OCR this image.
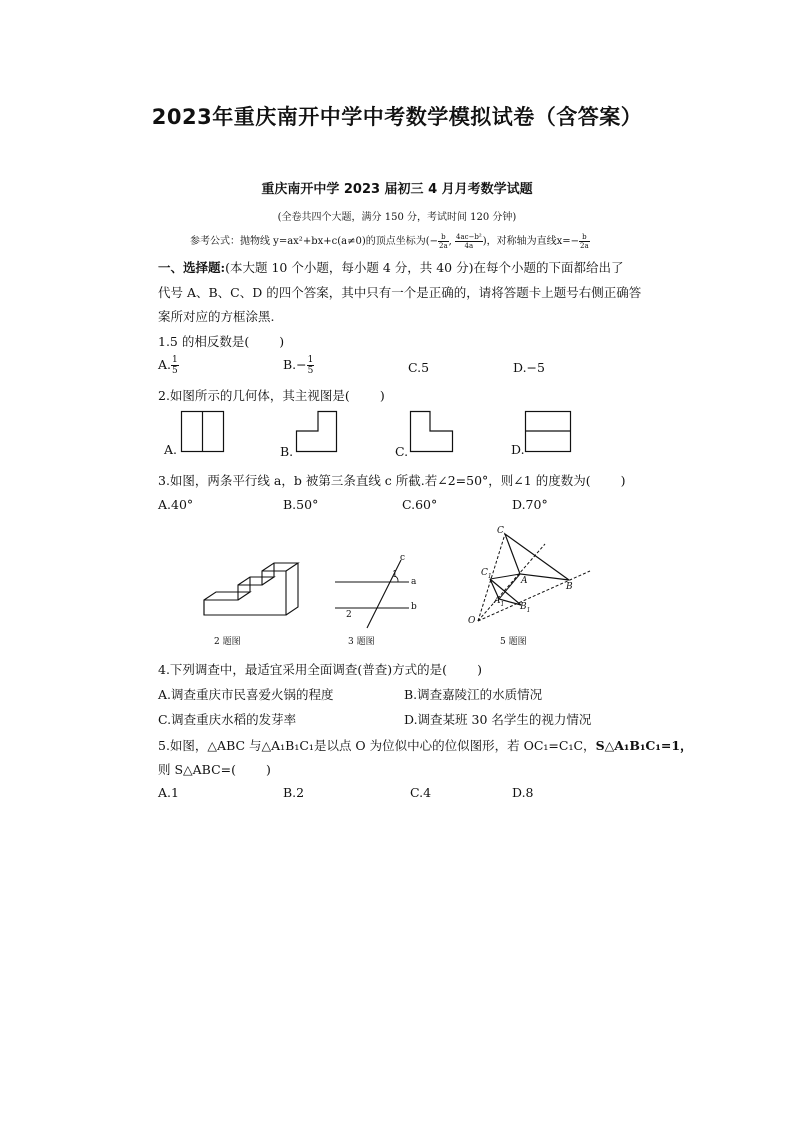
2023年重庆南开中学中考数学模拟试卷（含答案）
重庆南开中学 2023 届初三 4 月月考数学试题
(全卷共四个大题，满分 150 分，考试时间 120 分钟)
参考公式：抛物线 y=ax²+bx+c(a≠0)的顶点坐标为(− $\frac{b}{2a}$ , $\frac{\text{4ac−b²}}{4a}$ )，对称轴为直线$x=- \frac{b}{2a}$
一、选择题:(本大题 10 个小题，每小题 4 分，共 40 分)在每个小题的下面都给出了
代号 A、B、C、D 的四个答案，其中只有一个是正确的，请将答题卡上题号右侧正确答
案所对应的方框涂黑.
1.5 的相反数是( )
A. $\frac{1}{5}$	$B.- \frac{1}{5}$	C.5	D.−5
2.如图所示的几何体，其主视图是( )
A.	B.	C.	D.
3.如图，两条平行线 a，b 被第三条直线 c 所截.若∠2=50°，则∠1 的度数为( )
A.40°	B.50°	C.60°	D.70°
2 题图
c
1
a
2
b
3 题图
C
$C_1$	A
B
$A_1$ $B_1$
O
5 题图
4.下列调查中，最适宜采用全面调查(普查)方式的是( )
A.调查重庆市民喜爱火锅的程度	B.调查嘉陵江的水质情况
C.调查重庆水稻的发芽率	D.调查某班 30 名学生的视力情况
5.如图，△ABC 与△A₁B₁C₁是以点 O 为位似中心的位似图形，若 OC₁=C₁C，S△A₁B₁C₁=1，
则 S△ABC=( )
A.1	B.2	C.4	D.8
